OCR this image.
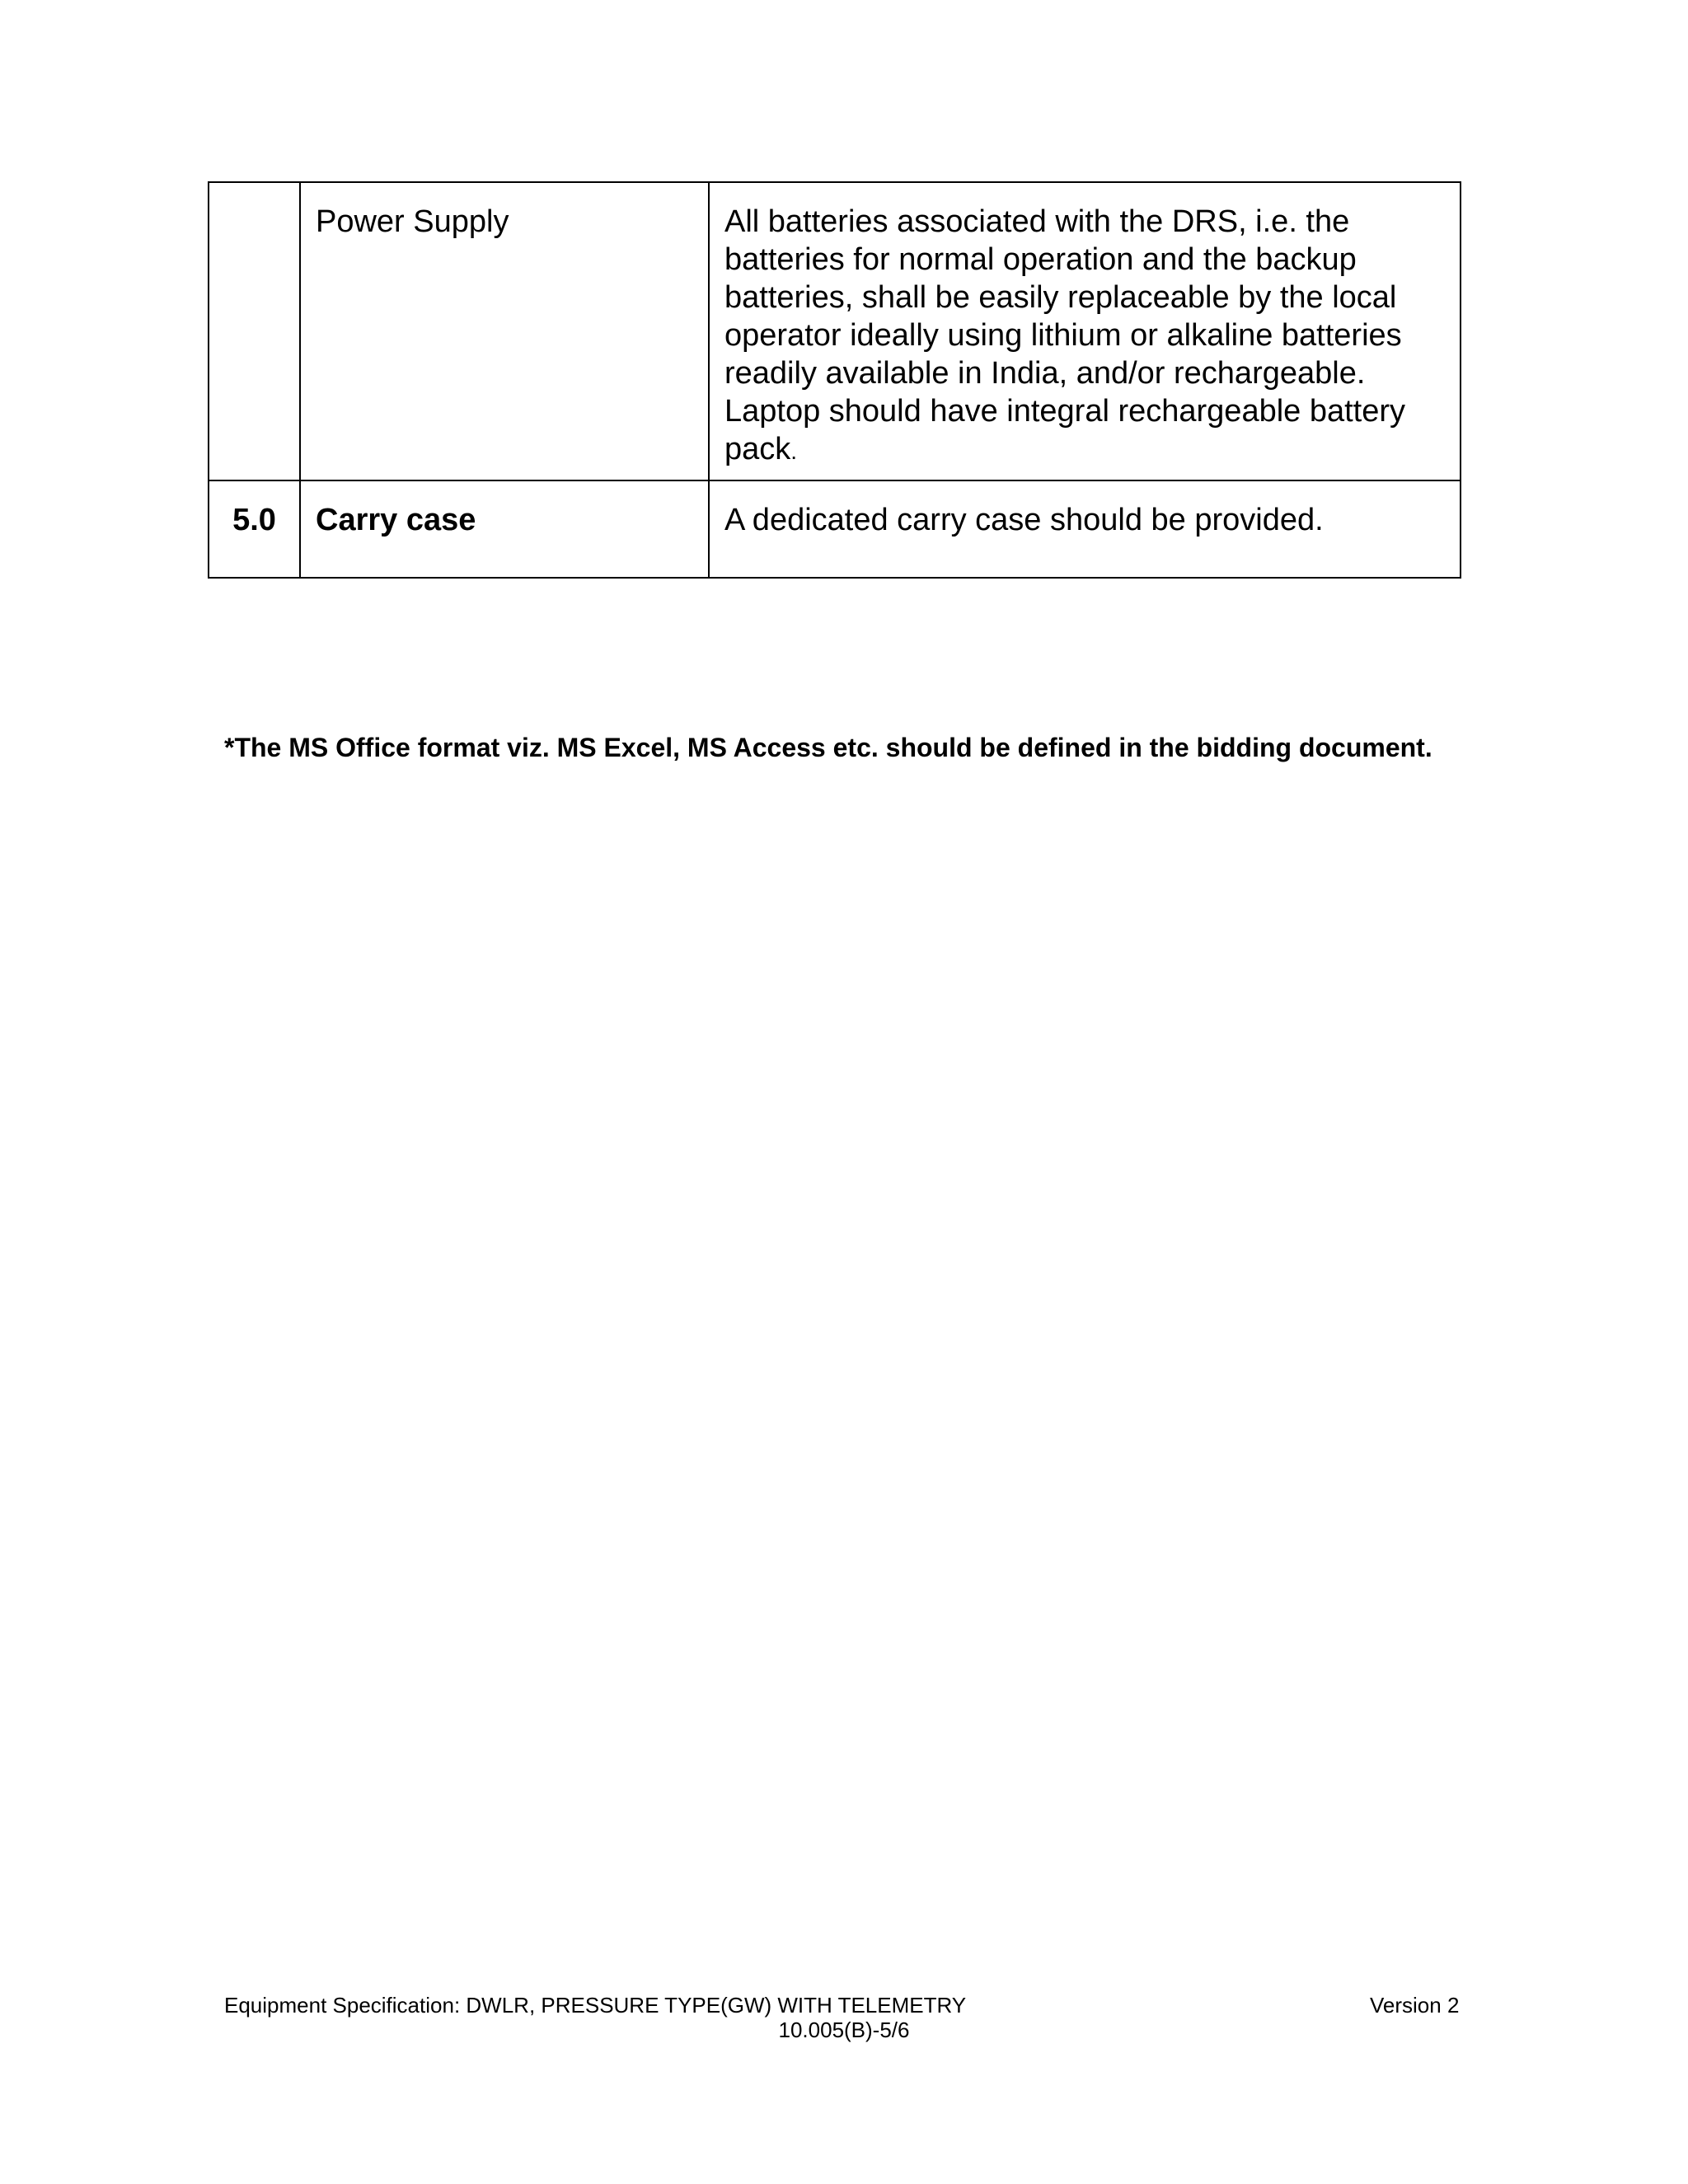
	Power Supply	All batteries associated with the DRS, i.e. the batteries for normal operation and the backup batteries, shall be easily replaceable by the local operator ideally using lithium or alkaline batteries readily available in India, and/or rechargeable. Laptop should have integral rechargeable battery pack.

5.0	Carry case	A dedicated carry case should be provided.
*The MS Office format viz. MS Excel, MS Access etc. should be defined in the bidding document.
Equipment Specification: DWLR, PRESSURE TYPE(GW) WITH TELEMETRY	Version 2
10.005(B)-5/6
